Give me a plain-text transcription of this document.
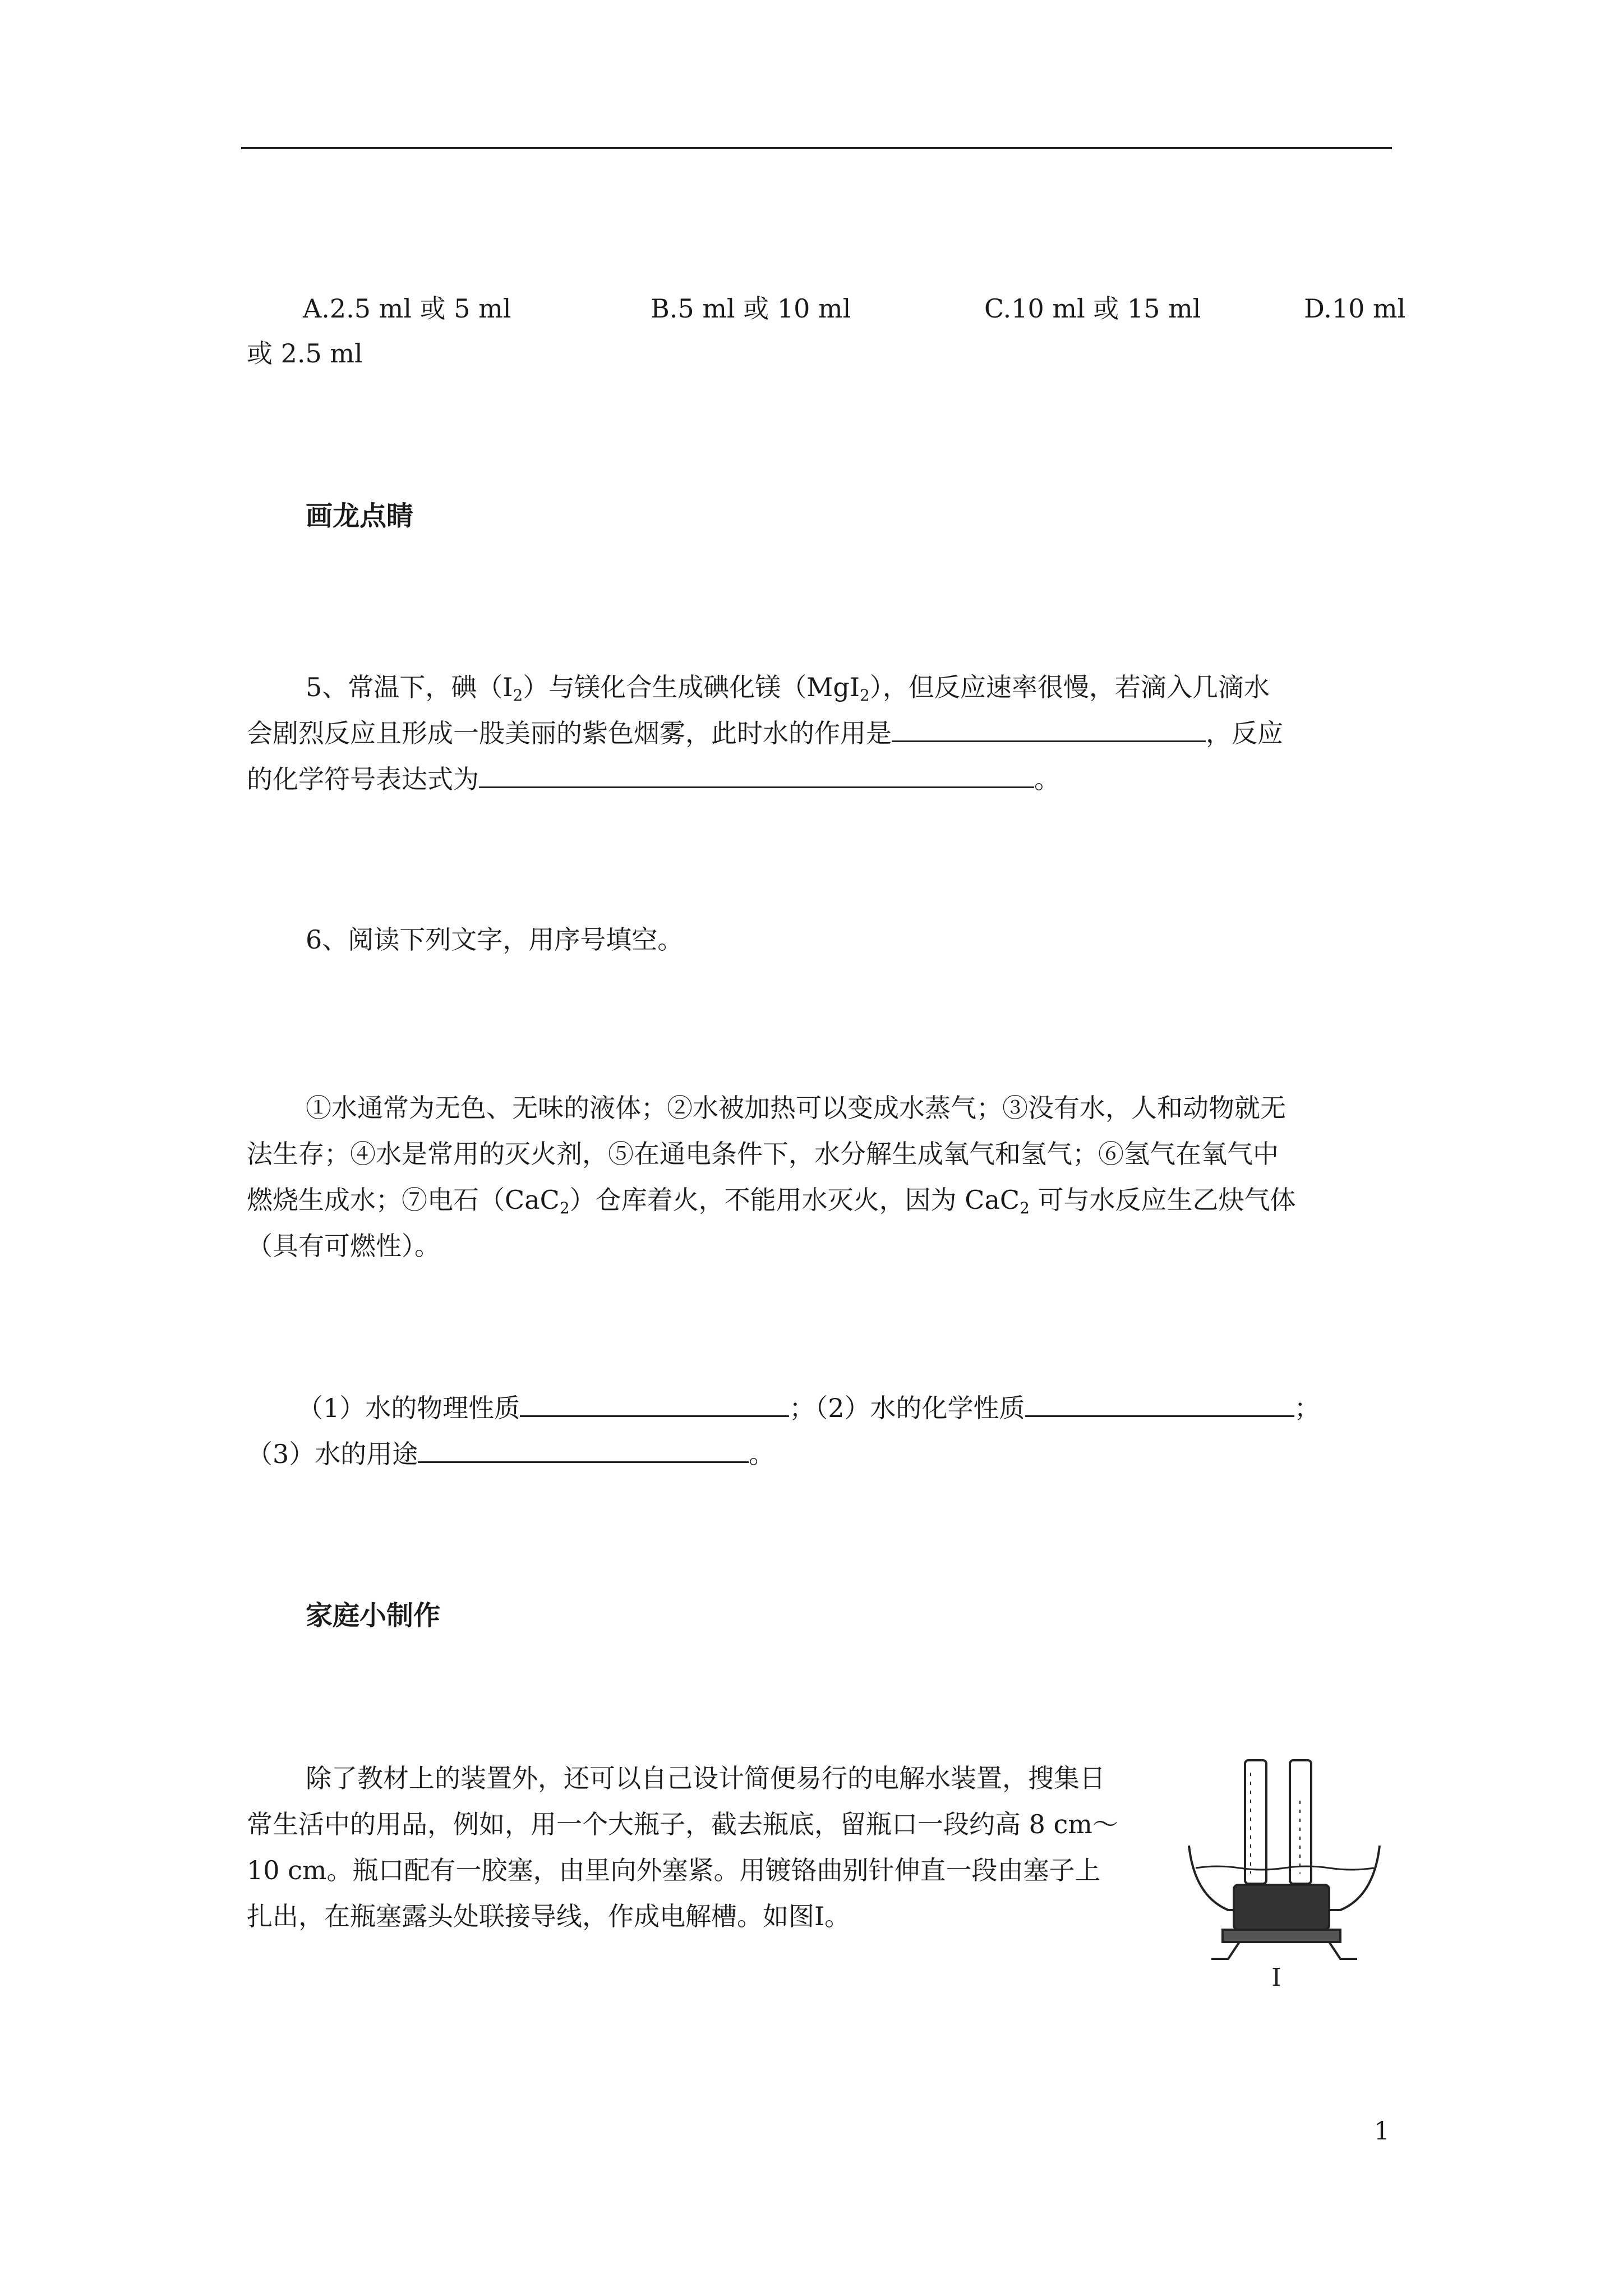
A.2.5 ml 或 5 ml	B.5 ml 或 10 ml	C.10 ml 或 15 ml	D.10 ml
或 2.5 ml
画龙点睛
5、常温下，碘$(I_2)$与镁化合生成碘化镁（MgI$_2$），但反应速率很慢，若滴入几滴水
会剧烈反应且形成一股美丽的紫色烟雾，此时水的作用是	，反应
的化学符号表达式为	。
6、阅读下列文字，用序号填空。
①水通常为无色、无味的液体；②水被加热可以变成水蒸气；③没有水，人和动物就无
法生存；④水是常用的灭火剂，⑤在通电条件下，水分解生成氧气和氢气；⑥氢气在氧气中
燃烧生成水；⑦电石（CaC$_2$）仓库着火，不能用水灭火，因为 CaC$_2$ 可与水反应生乙炔气体
（具有可燃性）。
（1）水的物理性质	；（2）水的化学性质	；
（3）水的用途	。
家庭小制作
除了教材上的装置外，还可以自己设计简便易行的电解水装置，搜集日
常生活中的用品，例如，用一个大瓶子，截去瓶底，留瓶口一段约高 8 cm～
10 cm。瓶口配有一胶塞，由里向外塞紧。用镀铬曲别针伸直一段由塞子上
扎出，在瓶塞露头处联接导线，作成电解槽。如图Ⅰ。
I
1
